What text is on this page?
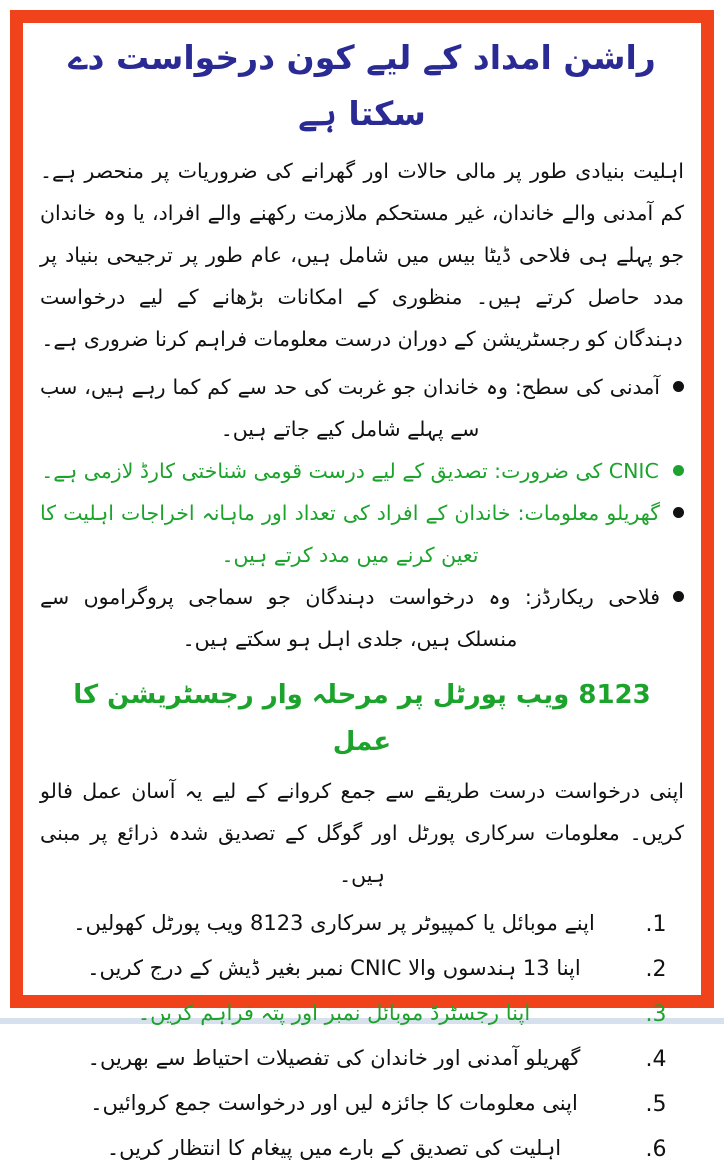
راشن امداد کے لیے کون درخواست دے سکتا ہے

اہلیت بنیادی طور پر مالی حالات اور گھرانے کی ضروریات پر منحصر ہے۔ کم آمدنی والے خاندان، غیر مستحکم ملازمت رکھنے والے افراد، یا وہ خاندان جو پہلے ہی فلاحی ڈیٹا بیس میں شامل ہیں، عام طور پر ترجیحی بنیاد پر مدد حاصل کرتے ہیں۔ منظوری کے امکانات بڑھانے کے لیے درخواست دہندگان کو رجسٹریشن کے دوران درست معلومات فراہم کرنا ضروری ہے۔

آمدنی کی سطح: وہ خاندان جو غربت کی حد سے کم کما رہے ہیں، سب سے پہلے شامل کیے جاتے ہیں۔
CNIC کی ضرورت: تصدیق کے لیے درست قومی شناختی کارڈ لازمی ہے۔
گھریلو معلومات: خاندان کے افراد کی تعداد اور ماہانہ اخراجات اہلیت کا تعین کرنے میں مدد کرتے ہیں۔
فلاحی ریکارڈز: وہ درخواست دہندگان جو سماجی پروگراموں سے منسلک ہیں، جلدی اہل ہو سکتے ہیں۔
8123 ویب پورٹل پر مرحلہ وار رجسٹریشن کا عمل

اپنی درخواست درست طریقے سے جمع کروانے کے لیے یہ آسان عمل فالو کریں۔ معلومات سرکاری پورٹل اور گوگل کے تصدیق شدہ ذرائع پر مبنی ہیں۔

1.
اپنے موبائل یا کمپیوٹر پر سرکاری 8123 ویب پورٹل کھولیں۔
2.
اپنا 13 ہندسوں والا CNIC نمبر بغیر ڈیش کے درج کریں۔
3.
اپنا رجسٹرڈ موبائل نمبر اور پتہ فراہم کریں۔
4.
گھریلو آمدنی اور خاندان کی تفصیلات احتیاط سے بھریں۔
5.
اپنی معلومات کا جائزہ لیں اور درخواست جمع کروائیں۔
6.
اہلیت کی تصدیق کے بارے میں پیغام کا انتظار کریں۔
